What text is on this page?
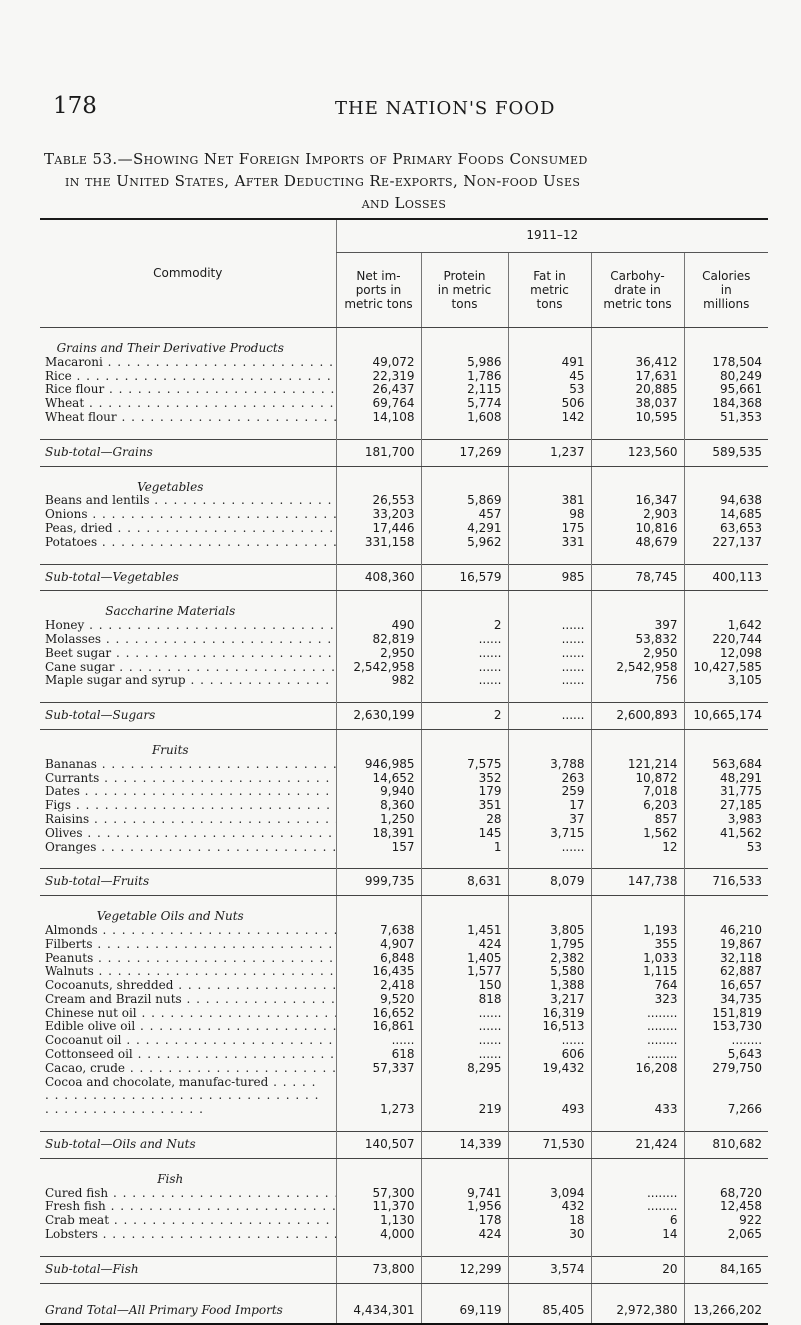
178	THE NATION'S FOOD
Table 53.—Showing Net Foreign Imports of Primary Foods Consumed
in the United States, After Deducting Re-exports, Non-food Uses
and Losses
Commodity	1911–12				
	Net im-
ports in
metric tons	Protein
in metric
tons	Fat in
metric
tons	Carbohy-
drate in
metric tons	Calories
in
millions

Grains and Their Derivative Products					

Macaroni . . .	49,072	5,986	491	36,412	178,504

Rice . . .	22,319	1,786	45	17,631	80,249

Rice flour . . .	26,437	2,115	53	20,885	95,661

Wheat . . .	69,764	5,774	506	38,037	184,368

Wheat flour . . .	14,108	1,608	142	10,595	51,353

Sub-total—Grains	181,700	17,269	1,237	123,560	589,535

Vegetables					

Beans and lentils . . .	26,553	5,869	381	16,347	94,638

Onions . . .	33,203	457	98	2,903	14,685

Peas, dried . . .	17,446	4,291	175	10,816	63,653

Potatoes . . .	331,158	5,962	331	48,679	227,137

Sub-total—Vegetables	408,360	16,579	985	78,745	400,113

Saccharine Materials					

Honey . . .	490	2	......	397	1,642

Molasses . . .	82,819	......	......	53,832	220,744

Beet sugar . . .	2,950	......	......	2,950	12,098

Cane sugar . . .	2,542,958	......	......	2,542,958	10,427,585

Maple sugar and syrup . . .	982	......	......	756	3,105

Sub-total—Sugars	2,630,199	2	......	2,600,893	10,665,174

Fruits					

Bananas . . .	946,985	7,575	3,788	121,214	563,684

Currants . . .	14,652	352	263	10,872	48,291

Dates . . .	9,940	179	259	7,018	31,775

Figs . . .	8,360	351	17	6,203	27,185

Raisins . . .	1,250	28	37	857	3,983

Olives . . .	18,391	145	3,715	1,562	41,562

Oranges . . .	157	1	......	12	53

Sub-total—Fruits	999,735	8,631	8,079	147,738	716,533

Vegetable Oils and Nuts					

Almonds . . .	7,638	1,451	3,805	1,193	46,210

Filberts . . .	4,907	424	1,795	355	19,867

Peanuts . . .	6,848	1,405	2,382	1,033	32,118

Walnuts . . .	16,435	1,577	5,580	1,115	62,887

Cocoanuts, shredded . . .	2,418	150	1,388	764	16,657

Cream and Brazil nuts . . .	9,520	818	3,217	323	34,735

Chinese nut oil . . .	16,652	......	16,319	........	151,819

Edible olive oil . . .	16,861	......	16,513	........	153,730

Cocoanut oil . . .	......	......	......	........	........

Cottonseed oil . . .	618	......	606	........	5,643

Cacao, crude . . .	57,337	8,295	19,432	16,208	279,750

Cocoa and chocolate, manufac-tured . . .	1,273	219	493	433	7,266

Sub-total—Oils and Nuts	140,507	14,339	71,530	21,424	810,682

Fish					

Cured fish . . .	57,300	9,741	3,094	........	68,720

Fresh fish . . .	11,370	1,956	432	........	12,458

Crab meat . . .	1,130	178	18	6	922

Lobsters . . .	4,000	424	30	14	2,065

Sub-total—Fish	73,800	12,299	3,574	20	84,165

Grand Total—All Primary Food Imports	4,434,301	69,119	85,405	2,972,380	13,266,202
